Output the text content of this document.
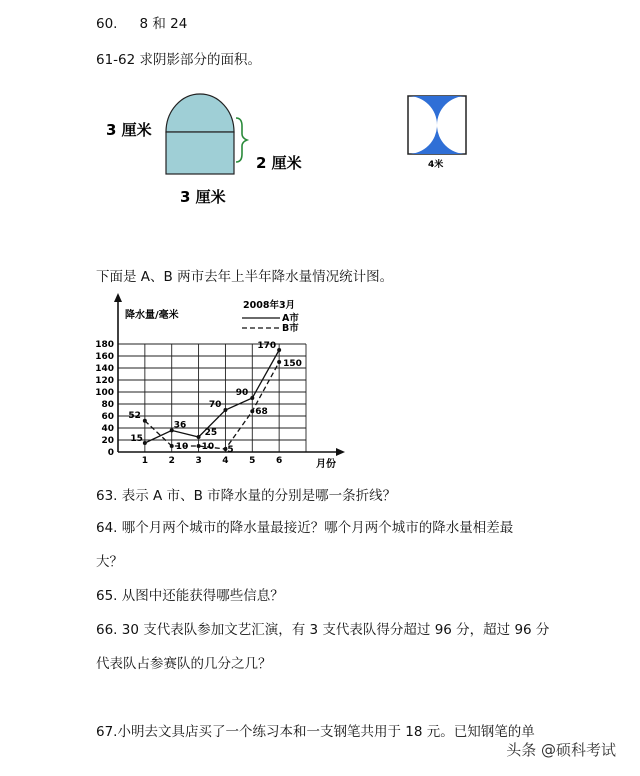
60. 8 和 24
61-62 求阴影部分的面积。
3 厘米
2 厘米
3 厘米
4米
降水量/毫米
2008年3月
A市
B市
0
20
40
60
80
100
120
140
160
180
1 2 3 4 5 6
15
36
25
70
90
170
52
10 10 5
68
150
月份
下面是 A、B 两市去年上半年降水量情况统计图。
63. 表示 A 市、B 市降水量的分别是哪一条折线？
64. 哪个月两个城市的降水量最接近？哪个月两个城市的降水量相差最
大？
65. 从图中还能获得哪些信息？
66. 30 支代表队参加文艺汇演，有 3 支代表队得分超过 96 分，超过 96 分
代表队占参赛队的几分之几？
67.小明去文具店买了一个练习本和一支钢笔共用于 18 元。已知钢笔的单
头条 @硕科考试
